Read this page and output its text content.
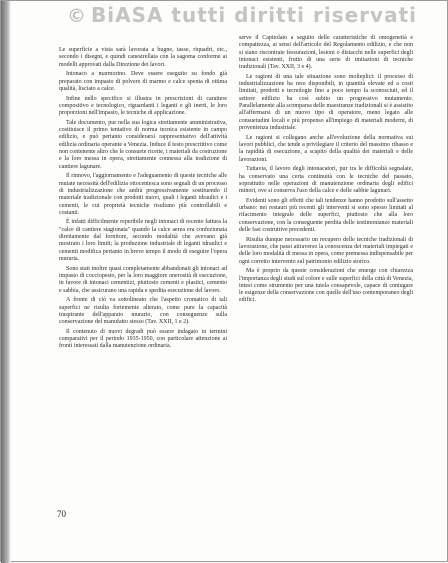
© BiASA tutti diritti riservati

Le superficie a vista sarà lavorata a bugne, tasse, riquadri, etc., secondo i disegni, e quindi canestrellata con la sagoma conforme ai modelli approvati dalla Direzione dei lavori.

Intonaco a marmorino. Deve essere eseguito su fondo già preparato con impasto di polvere di marmo e calce spenta di ottima qualità, lisciato a calce.

Infine nello specifico si illustra in prescrizioni di carattere compositivo e tecnologico, riguardanti i leganti e gli inerti, le loro proporzioni nell'impasto, le tecniche di applicazione.

Tale documento, pur nella sua logica strettamente amministrativa, costituisce il primo tentativo di norma tecnica esistente in campo edilizio, e può pertanto considerarsi rappresentativo dell'attività edilizia ordinaria operante a Venezia. Induce il testo prescrittivo come non contenente altro che le consuete ricette, i materiali da costruzione e la loro messa in opera, strettamente connessa alla tradizione di cantiere lagunare.

Il rinnovo, l'aggiornamento e l'adeguamento di queste tecniche alle mutate necessità dell'edilizia ottocentesca sono segnali di un processo di industrializzazione che andrà progressivamente sostituendo il materiale tradizionale con prodotti nuovi, quali i leganti idraulici e i cementi, le cui proprietà tecniche risultano più controllabili e costanti.

È infatti difficilmente reperibile negli intonaci di recente fattura la "calce di cantiere stagionata" quando la calce aerea era confezionata direttamente dal fornitore, secondo modalità che avevano già mostrato i loro limiti; la produzione industriale di leganti idraulici e cementi modifica pertanto in breve tempo il modo di eseguire l'opera muraria.

Sono stati inoltre quasi completamente abbandonati gli intonaci ad impasto di cocciopesto, per la loro maggiore onerosità di esecuzione, in favore di intonaci cementizi, piuttosto cementi e plastici, cemento e sabbia, che assicurano una rapida e spedita esecuzione del lavoro.

A fronte di ciò va sottolineato che l'aspetto cromatico di tali superfici ne risulta fortemente alterato, come pure la capacità traspirante dell'apparato murario, con conseguenze sulla conservazione del manufatto stesso (Tav. XXII, 1 e 2).

Il contenuto di nuovi degradi può essere indagato in termini comparativi per il periodo 1935-1950, con particolare attenzione ai fronti interessati dalla manutenzione ordinaria.

serve il Capitolato a seguito delle caratteristiche di omogeneità e compattezza, ai sensi dell'articolo del Regolamento edilizio, e che non si siano riscontrate fessurazioni, lesioni o distacchi nelle superfici degli intonaci esistenti, frutto di una serie di imitazioni di tecniche tradizionali (Tav. XXII, 3 e 4).

Le ragioni di una tale situazione sono molteplici: il processo di industrializzazione ha reso disponibili, in quantità elevate ed a costi limitati, prodotti e tecnologie fino a poco tempo fa sconosciuti, ed il settore edilizio ha così subito un progressivo mutamento. Parallelamente alla scomparsa delle maestranze tradizionali si è assistito all'affermarsi di un nuovo tipo di operatore, meno legato alle consuetudini locali e più propenso all'impiego di materiali moderni, di provenienza industriale.

Le ragioni si collegano anche all'evoluzione della normativa sui lavori pubblici, che tende a privilegiare il criterio del massimo ribasso e la rapidità di esecuzione, a scapito della qualità dei materiali e delle lavorazioni.

Tuttavia, il lavoro degli intonacatori, pur tra le difficoltà segnalate, ha conservato una certa continuità con le tecniche del passato, soprattutto nelle operazioni di manutenzione ordinaria degli edifici minori, ove si conserva l'uso della calce e delle sabbie lagunari.

Evidenti sono gli effetti che tali tendenze hanno prodotto sull'assetto urbano: nei restauri più recenti gli interventi si sono spesso limitati al rifacimento integrale delle superfici, piuttosto che alla loro conservazione, con la conseguente perdita delle testimonianze materiali delle fasi costruttive precedenti.

Risulta dunque necessario un recupero delle tecniche tradizionali di lavorazione, che passi attraverso la conoscenza dei materiali impiegati e delle loro modalità di messa in opera, come premessa indispensabile per ogni corretto intervento sul patrimonio edilizio storico.

Ma è proprio da queste considerazioni che emerge con chiarezza l'importanza degli studi sul colore e sulle superfici della città di Venezia, intesi come strumento per una tutela consapevole, capace di coniugare le esigenze della conservazione con quelle dell'uso contemporaneo degli edifici.

70
